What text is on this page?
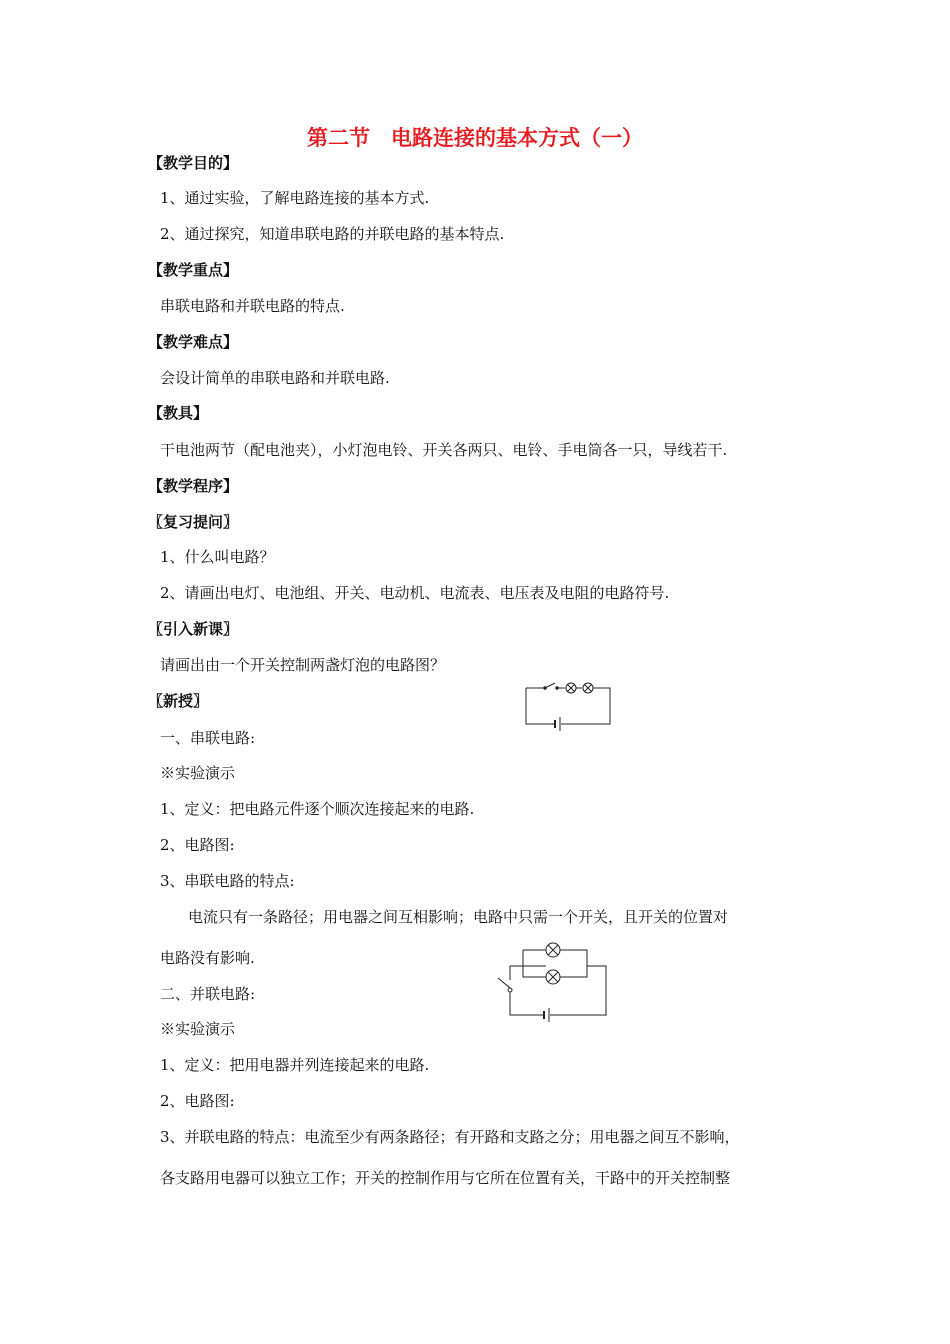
第二节　电路连接的基本方式（一）
【教学目的】
1、通过实验，了解电路连接的基本方式.
2、通过探究，知道串联电路的并联电路的基本特点.
【教学重点】
串联电路和并联电路的特点.
【教学难点】
会设计简单的串联电路和并联电路.
【教具】
干电池两节（配电池夹），小灯泡电铃、开关各两只、电铃、手电筒各一只，导线若干.
【教学程序】
〖复习提问〗
1、什么叫电路？
2、请画出电灯、电池组、开关、电动机、电流表、电压表及电阻的电路符号.
〖引入新课〗
请画出由一个开关控制两盏灯泡的电路图？
〖新授〗
一、串联电路:
※实验演示
1、定义：把电路元件逐个顺次连接起来的电路.
2、电路图:
3、串联电路的特点:
电流只有一条路径；用电器之间互相影响；电路中只需一个开关，且开关的位置对
电路没有影响.
二、并联电路:
※实验演示
1、定义：把用电器并列连接起来的电路.
2、电路图:
3、并联电路的特点：电流至少有两条路径；有开路和支路之分；用电器之间互不影响，
各支路用电器可以独立工作；开关的控制作用与它所在位置有关，干路中的开关控制整
